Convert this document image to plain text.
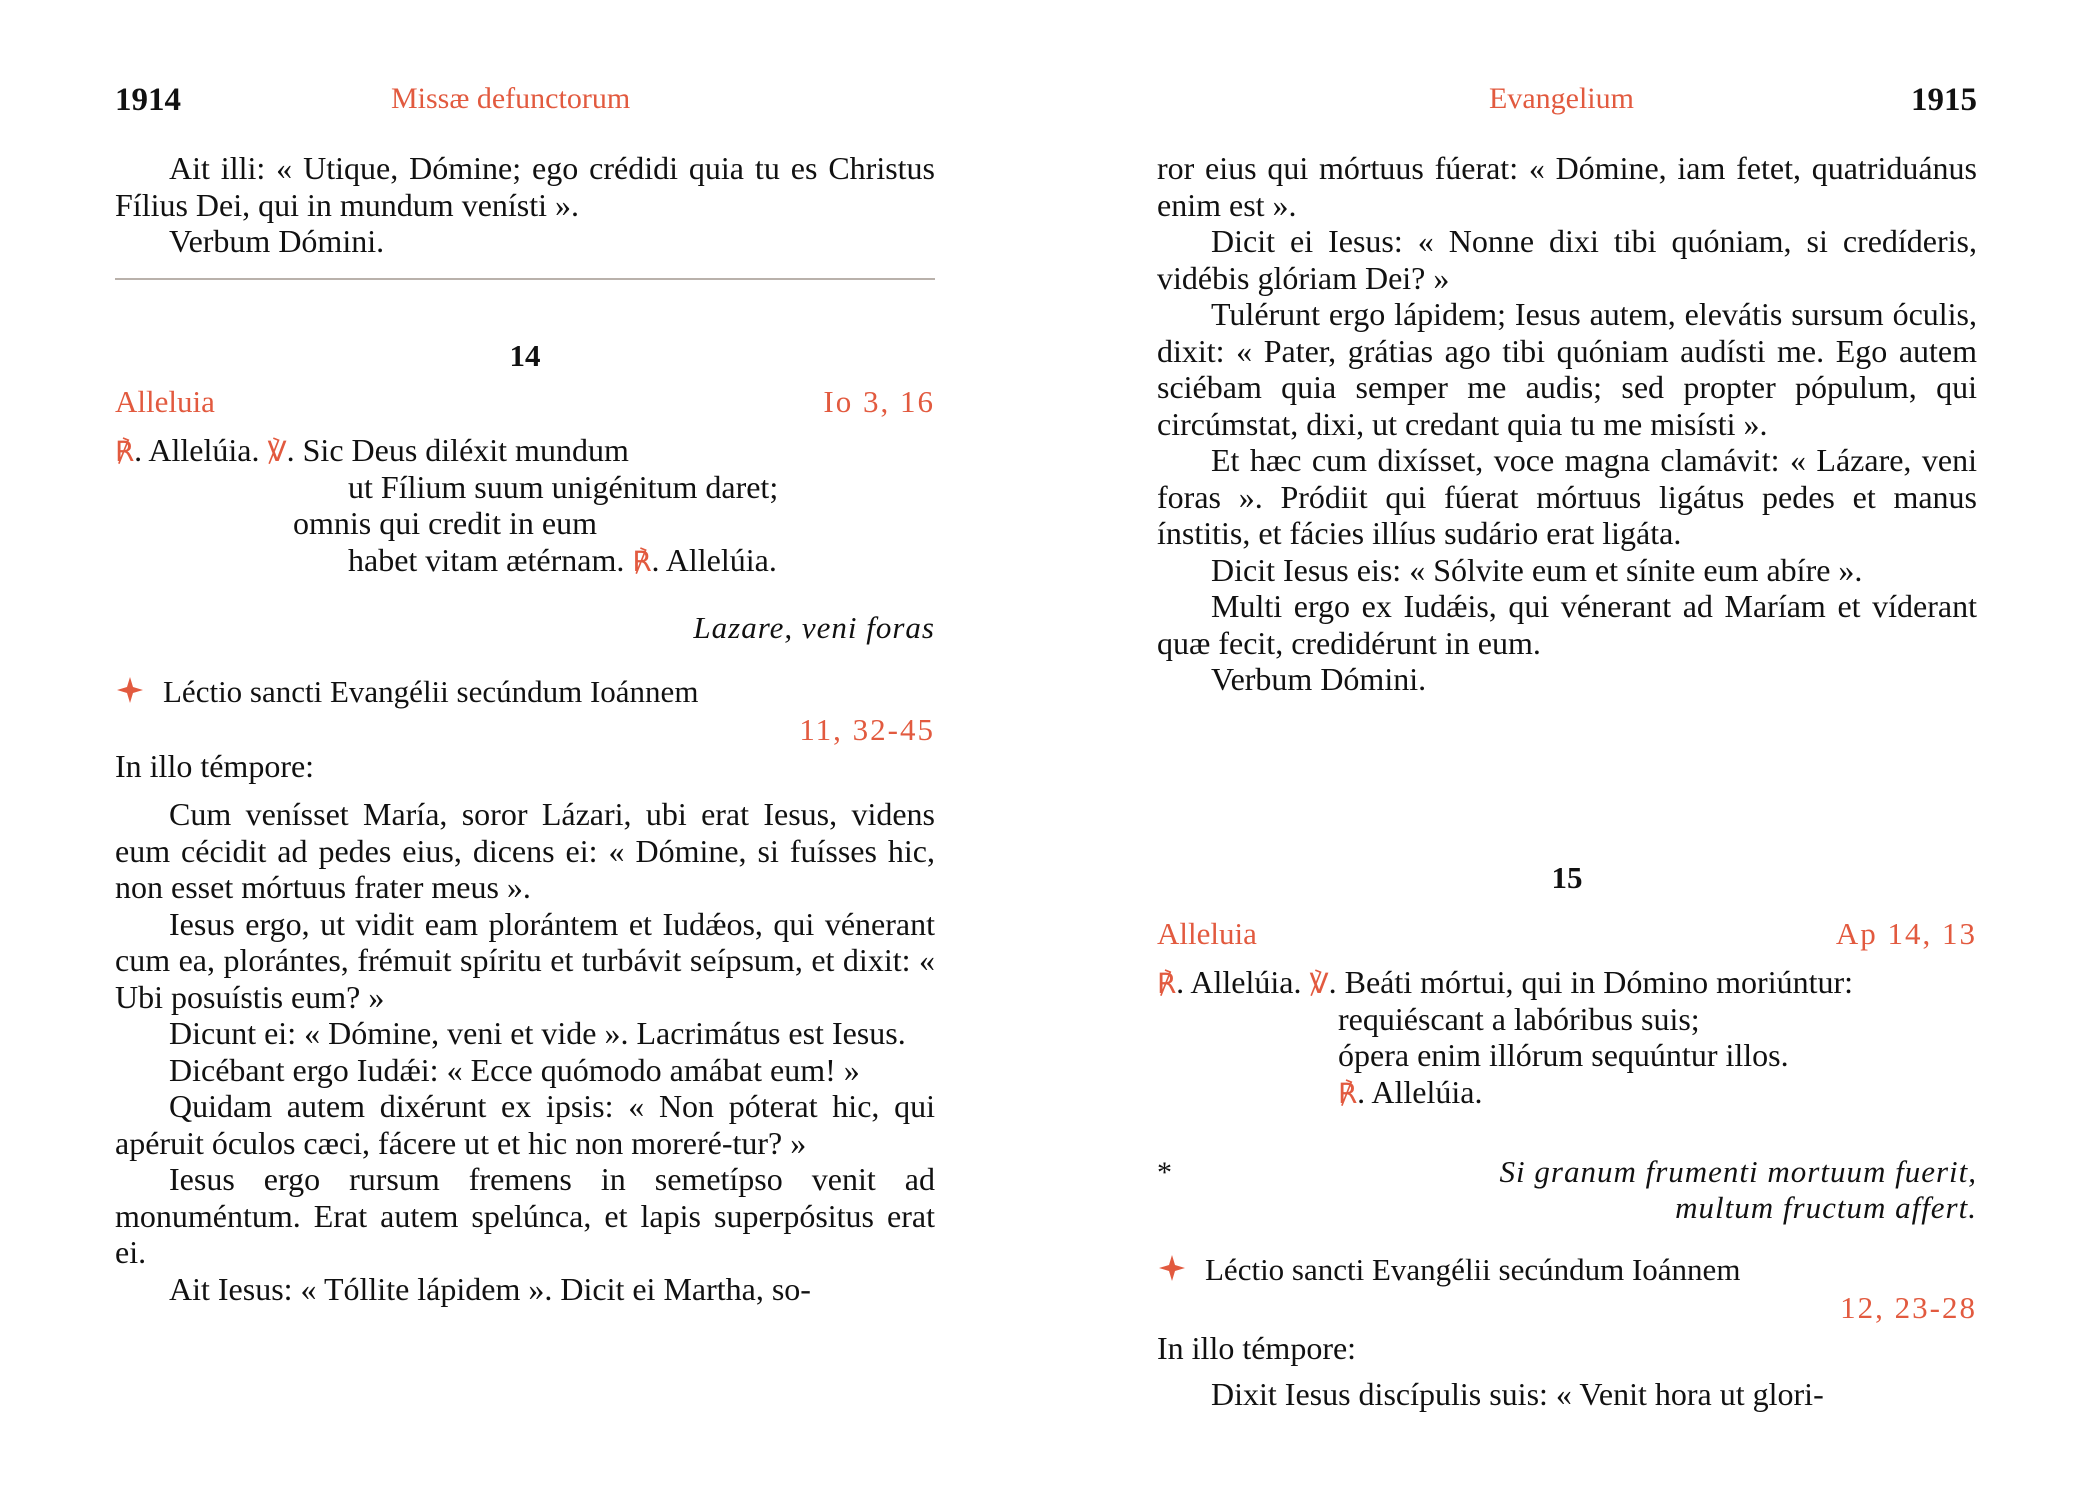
1914	Missæ defunctorum

Ait illi: « Utique, Dómine; ego crédidi quia tu es Christus Fílius Dei, qui in mundum venísti ».

Verbum Dómini.

14
Alleluia	Io 3, 16
℟. Allelúia. ℣. Sic Deus diléxit mundum
ut Fílium suum unigénitum daret;
omnis qui credit in eum
habet vitam ætérnam. ℟. Allelúia.
Lazare, veni foras
Léctio sancti Evangélii secúndum Ioánnem
11, 32-45
In illo témpore:

Cum venísset María, soror Lázari, ubi erat Iesus, videns eum cécidit ad pedes eius, dicens ei: « Dómine, si fuísses hic, non esset mórtuus frater meus ».

Iesus ergo, ut vidit eam plorántem et Iudǽos, qui vénerant cum ea, plorántes, frémuit spíritu et turbávit seípsum, et dixit: « Ubi posuístis eum? »

Dicunt ei: « Dómine, veni et vide ». Lacrimátus est Iesus.

Dicébant ergo Iudǽi: « Ecce quómodo amábat eum! »

Quidam autem dixérunt ex ipsis: « Non póterat hic, qui apéruit óculos cæci, fácere ut et hic non moreré-tur? »

Iesus ergo rursum fremens in semetípso venit ad monuméntum. Erat autem spelúnca, et lapis superpósitus erat ei.

Ait Iesus: « Tóllite lápidem ». Dicit ei Martha, so-

Evangelium	1915

ror eius qui mórtuus fúerat: « Dómine, iam fetet, quatriduánus enim est ».

Dicit ei Iesus: « Nonne dixi tibi quóniam, si credíderis, vidébis glóriam Dei? »

Tulérunt ergo lápidem; Iesus autem, elevátis sursum óculis, dixit: « Pater, grátias ago tibi quóniam audísti me. Ego autem sciébam quia semper me audis; sed propter pópulum, qui circúmstat, dixi, ut credant quia tu me misísti ».

Et hæc cum dixísset, voce magna clamávit: « Lázare, veni foras ». Pródiit qui fúerat mórtuus ligátus pedes et manus ínstitis, et fácies illíus sudário erat ligáta.

Dicit Iesus eis: « Sólvite eum et sínite eum abíre ».

Multi ergo ex Iudǽis, qui vénerant ad Maríam et víderant quæ fecit, credidérunt in eum.

Verbum Dómini.

15
Alleluia	Ap 14, 13
℟. Allelúia. ℣. Beáti mórtui, qui in Dómino moriúntur:
requiéscant a labóribus suis;
ópera enim illórum sequúntur illos.
℟. Allelúia.
*	Si granum frumenti mortuum fuerit,
multum fructum affert.
Léctio sancti Evangélii secúndum Ioánnem
12, 23-28
In illo témpore:

Dixit Iesus discípulis suis: « Venit hora ut glori-
